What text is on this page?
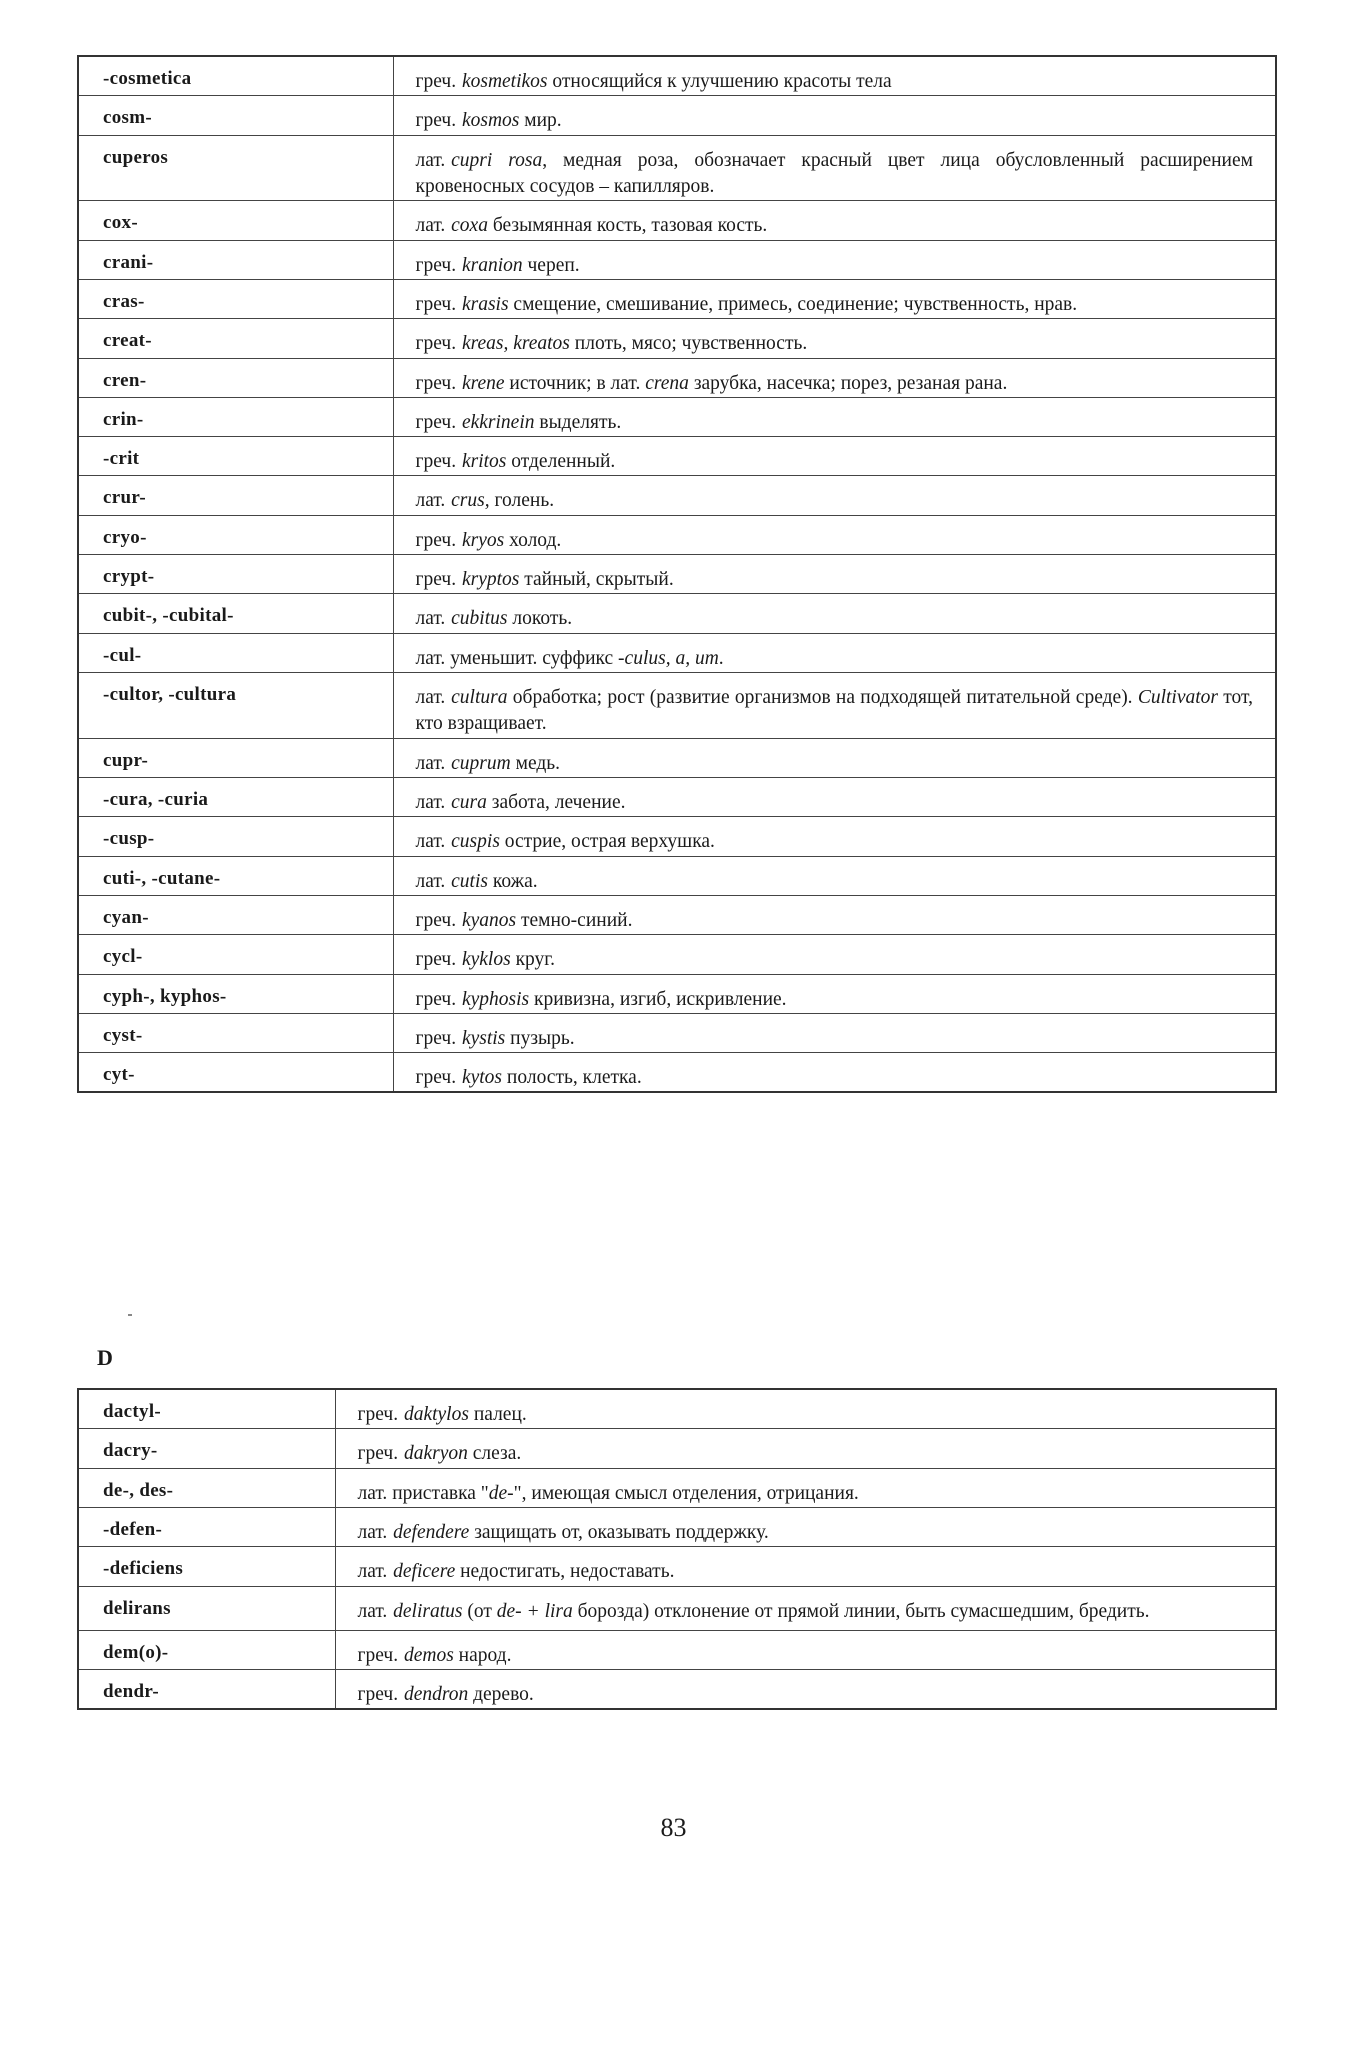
-cosmetica	греч. kosmetikos относящийся к улучшению красоты тела
cosm-	греч. kosmos мир.
cuperos	лат. cupri rosa, медная роза, обозначает красный цвет лица обусловленный расширением кровеносных сосудов – капилляров.
cox-	лат. coxa безымянная кость, тазовая кость.
crani-	греч. kranion череп.
cras-	греч. krasis смещение, смешивание, примесь, соединение; чувственность, нрав.
creat-	греч. kreas, kreatos плоть, мясо; чувственность.
cren-	греч. krene источник; в лат. crena зарубка, насечка; порез, резаная рана.
crin-	греч. ekkrinein выделять.
-crit	греч. kritos отделенный.
crur-	лат. crus, голень.
cryo-	греч. kryos холод.
crypt-	греч. kryptos тайный, скрытый.
cubit-, -cubital-	лат. cubitus локоть.
-cul-	лат. уменьшит. суффикс -culus, a, um.
-cultor, -cultura	лат. cultura обработка; рост (развитие организмов на подходящей питательной среде). Cultivator тот, кто взращивает.
cupr-	лат. cuprum медь.
-cura, -curia	лат. cura забота, лечение.
-cusp-	лат. cuspis острие, острая верхушка.
cuti-, -cutane-	лат. cutis кожа.
cyan-	греч. kyanos темно-синий.
cycl-	греч. kyklos круг.
cyph-, kyphos-	греч. kyphosis кривизна, изгиб, искривление.
cyst-	греч. kystis пузырь.
cyt-	греч. kytos полость, клетка.
D
dactyl-	греч. daktylos палец.
dacry-	греч. dakryon слеза.
de-, des-	лат. приставка "de-", имеющая смысл отделения, отрицания.
-defen-	лат. defendere защищать от, оказывать поддержку.
-deficiens	лат. deficere недостигать, недоставать.
delirans	лат. deliratus (от de- + lira борозда) отклонение от прямой линии, быть сумасшедшим, бредить.
dem(o)-	греч. demos народ.
dendr-	греч. dendron дерево.
83
